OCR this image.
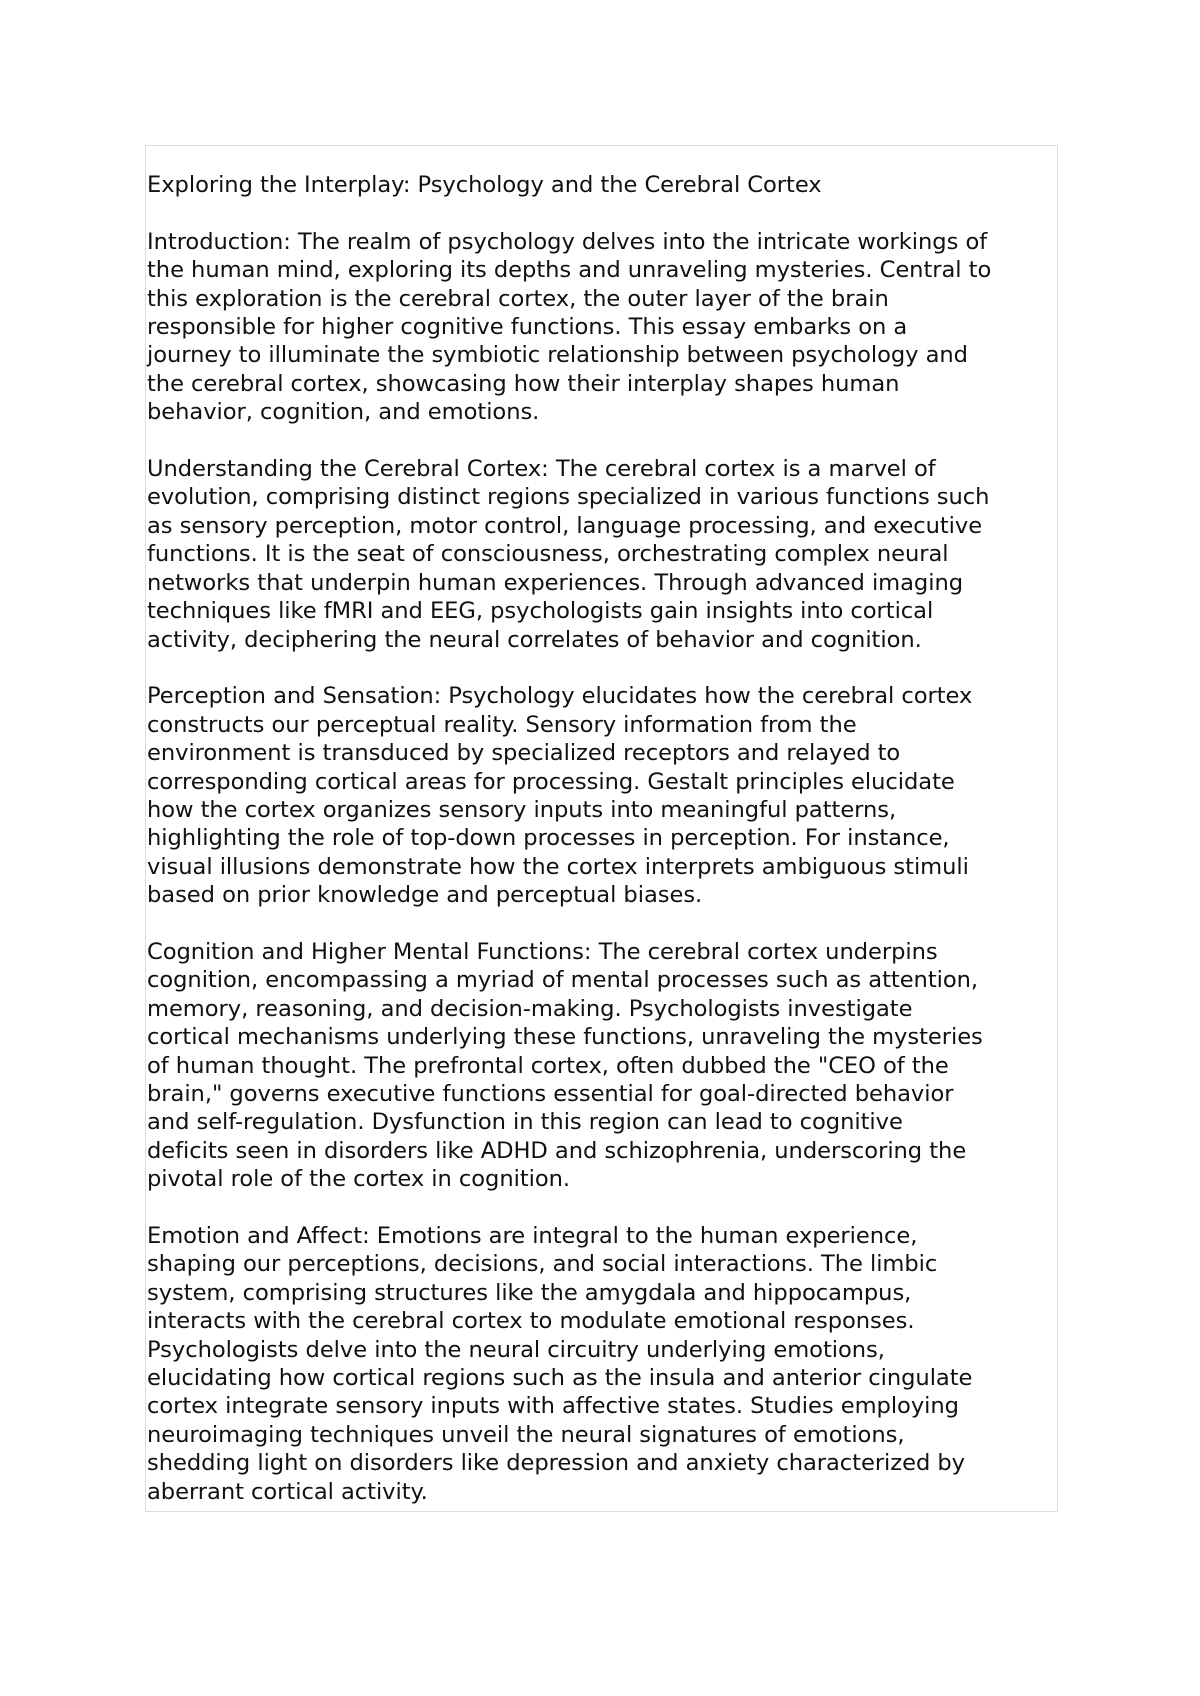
Exploring the Interplay: Psychology and the Cerebral Cortex

Introduction: The realm of psychology delves into the intricate workings of
the human mind, exploring its depths and unraveling mysteries. Central to
this exploration is the cerebral cortex, the outer layer of the brain
responsible for higher cognitive functions. This essay embarks on a
journey to illuminate the symbiotic relationship between psychology and
the cerebral cortex, showcasing how their interplay shapes human
behavior, cognition, and emotions.

Understanding the Cerebral Cortex: The cerebral cortex is a marvel of
evolution, comprising distinct regions specialized in various functions such
as sensory perception, motor control, language processing, and executive
functions. It is the seat of consciousness, orchestrating complex neural
networks that underpin human experiences. Through advanced imaging
techniques like fMRI and EEG, psychologists gain insights into cortical
activity, deciphering the neural correlates of behavior and cognition.

Perception and Sensation: Psychology elucidates how the cerebral cortex
constructs our perceptual reality. Sensory information from the
environment is transduced by specialized receptors and relayed to
corresponding cortical areas for processing. Gestalt principles elucidate
how the cortex organizes sensory inputs into meaningful patterns,
highlighting the role of top-down processes in perception. For instance,
visual illusions demonstrate how the cortex interprets ambiguous stimuli
based on prior knowledge and perceptual biases.

Cognition and Higher Mental Functions: The cerebral cortex underpins
cognition, encompassing a myriad of mental processes such as attention,
memory, reasoning, and decision-making. Psychologists investigate
cortical mechanisms underlying these functions, unraveling the mysteries
of human thought. The prefrontal cortex, often dubbed the "CEO of the
brain," governs executive functions essential for goal-directed behavior
and self-regulation. Dysfunction in this region can lead to cognitive
deficits seen in disorders like ADHD and schizophrenia, underscoring the
pivotal role of the cortex in cognition.

Emotion and Affect: Emotions are integral to the human experience,
shaping our perceptions, decisions, and social interactions. The limbic
system, comprising structures like the amygdala and hippocampus,
interacts with the cerebral cortex to modulate emotional responses.
Psychologists delve into the neural circuitry underlying emotions,
elucidating how cortical regions such as the insula and anterior cingulate
cortex integrate sensory inputs with affective states. Studies employing
neuroimaging techniques unveil the neural signatures of emotions,
shedding light on disorders like depression and anxiety characterized by
aberrant cortical activity.
